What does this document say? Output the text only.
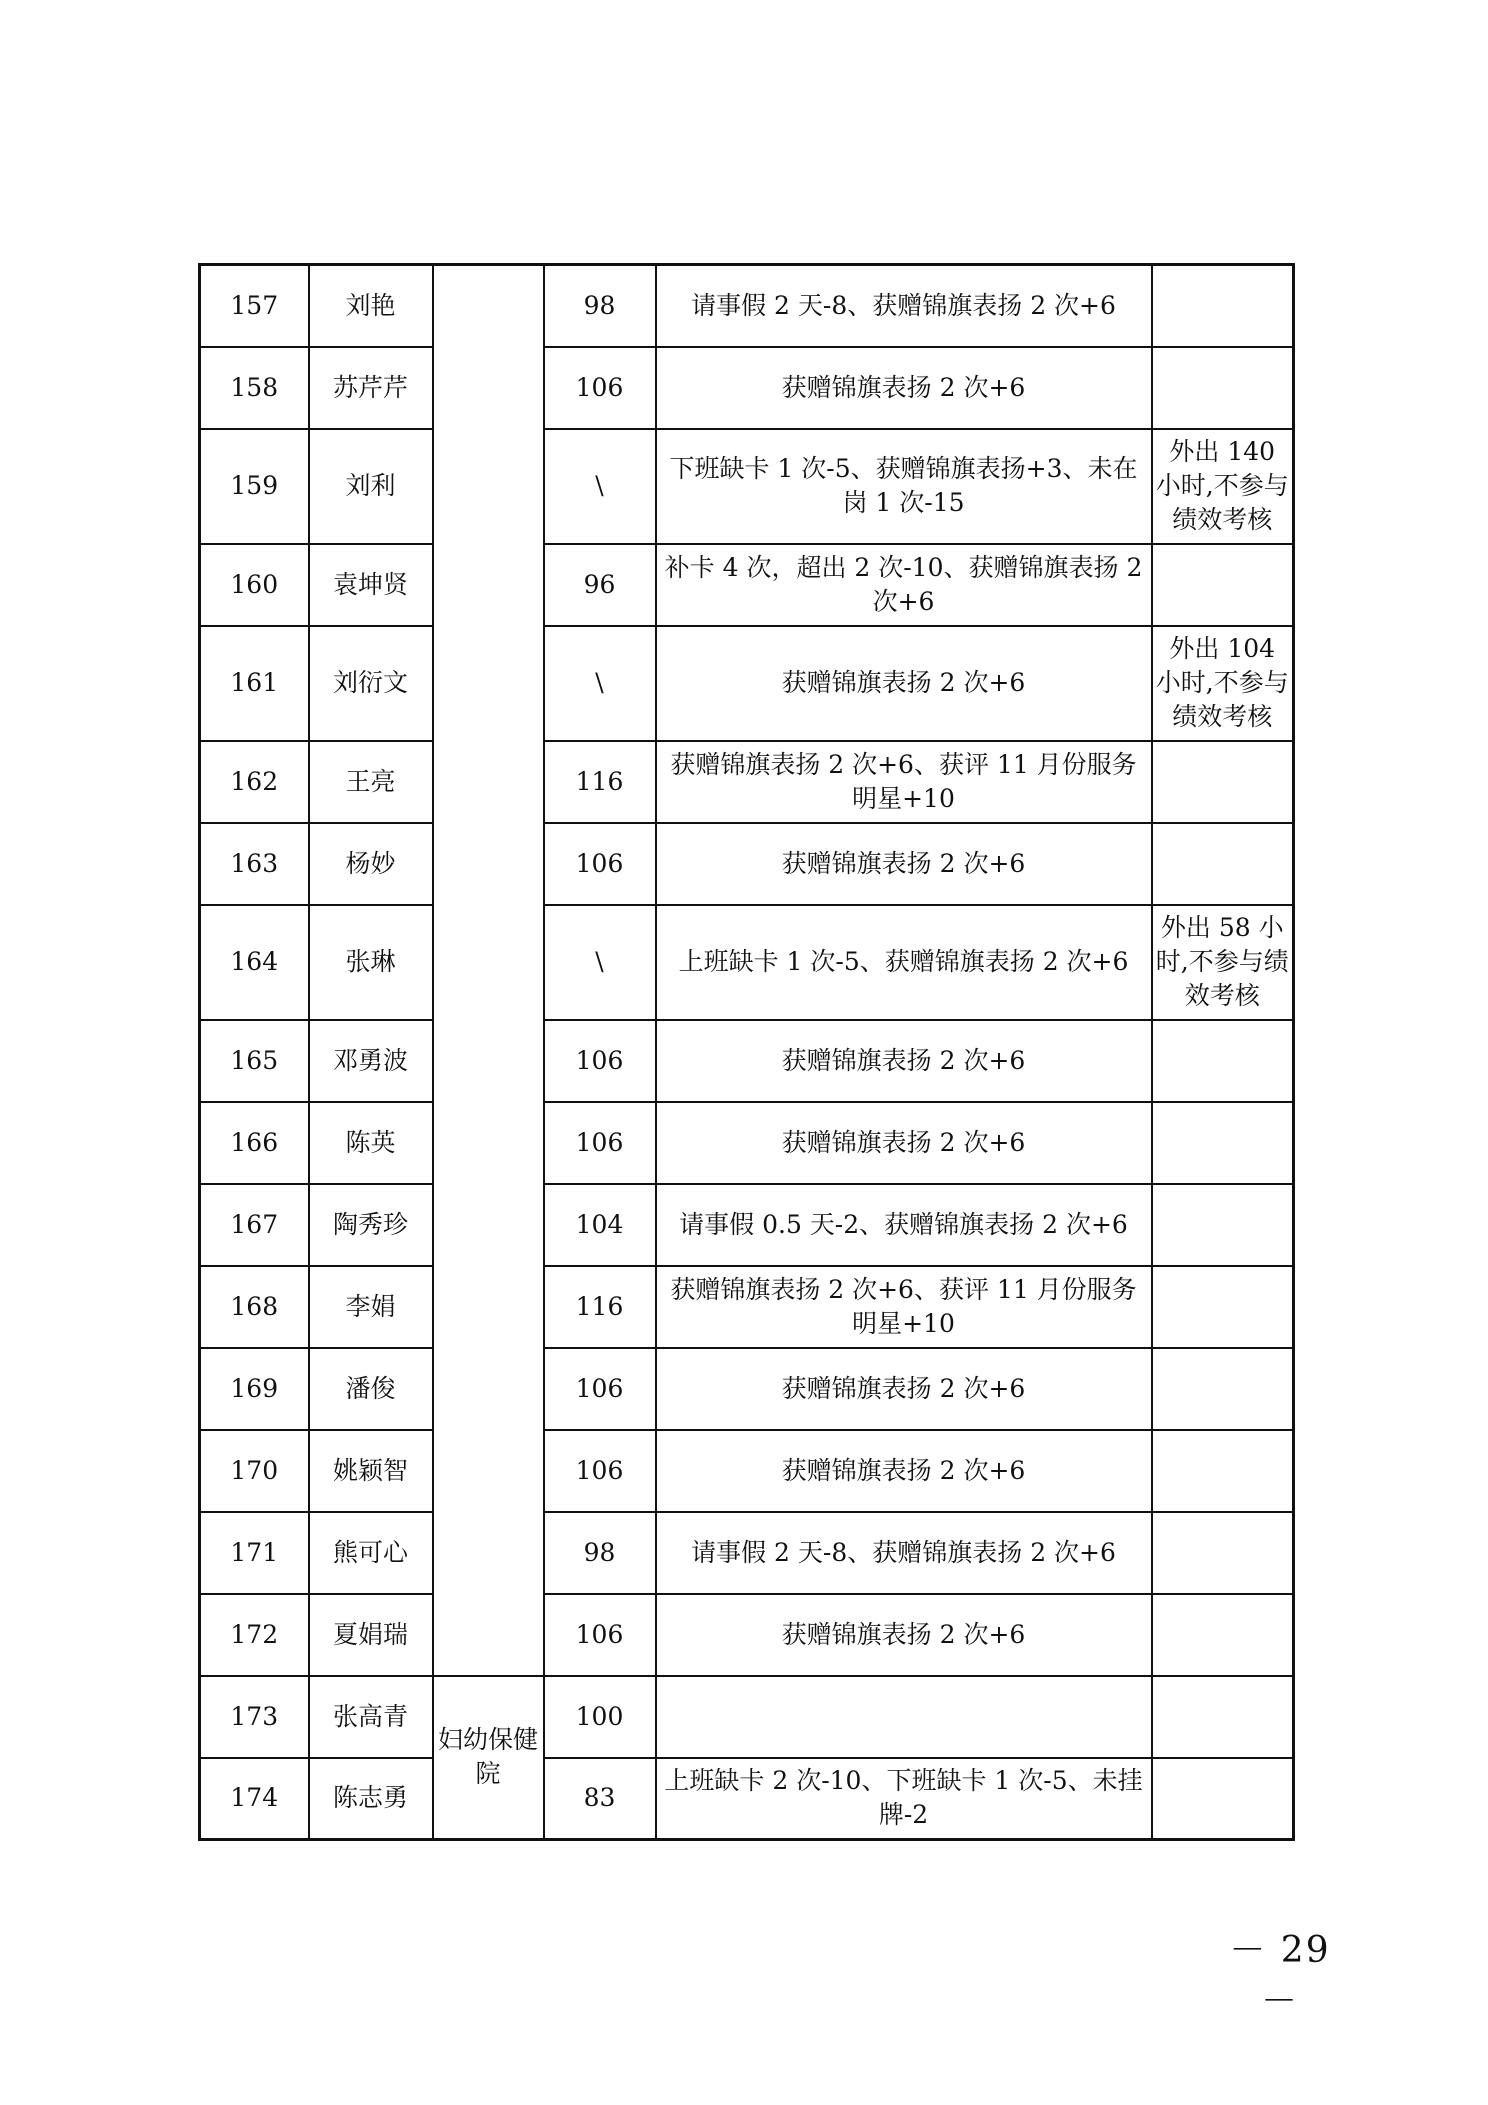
157	刘艳		98	请事假 2 天-8、获赠锦旗表扬 2 次+6	
158	苏芹芹		106	获赠锦旗表扬 2 次+6	
159	刘利		\	下班缺卡 1 次-5、获赠锦旗表扬+3、未在岗 1 次-15	外出 140 小时,不参与绩效考核
160	袁坤贤		96	补卡 4 次，超出 2 次-10、获赠锦旗表扬 2 次+6	
161	刘衍文		\	获赠锦旗表扬 2 次+6	外出 104 小时,不参与绩效考核
162	王亮		116	获赠锦旗表扬 2 次+6、获评 11 月份服务明星+10	
163	杨妙		106	获赠锦旗表扬 2 次+6	
164	张琳		\	上班缺卡 1 次-5、获赠锦旗表扬 2 次+6	外出 58 小时,不参与绩效考核
165	邓勇波		106	获赠锦旗表扬 2 次+6	
166	陈英		106	获赠锦旗表扬 2 次+6	
167	陶秀珍		104	请事假 0.5 天-2、获赠锦旗表扬 2 次+6	
168	李娟		116	获赠锦旗表扬 2 次+6、获评 11 月份服务明星+10	
169	潘俊		106	获赠锦旗表扬 2 次+6	
170	姚颖智		106	获赠锦旗表扬 2 次+6	
171	熊可心		98	请事假 2 天-8、获赠锦旗表扬 2 次+6	
172	夏娟瑞		106	获赠锦旗表扬 2 次+6	
173	张高青	妇幼保健院	100		
174	陈志勇		83	上班缺卡 2 次-10、下班缺卡 1 次-5、未挂牌-2	
－ 29 －
